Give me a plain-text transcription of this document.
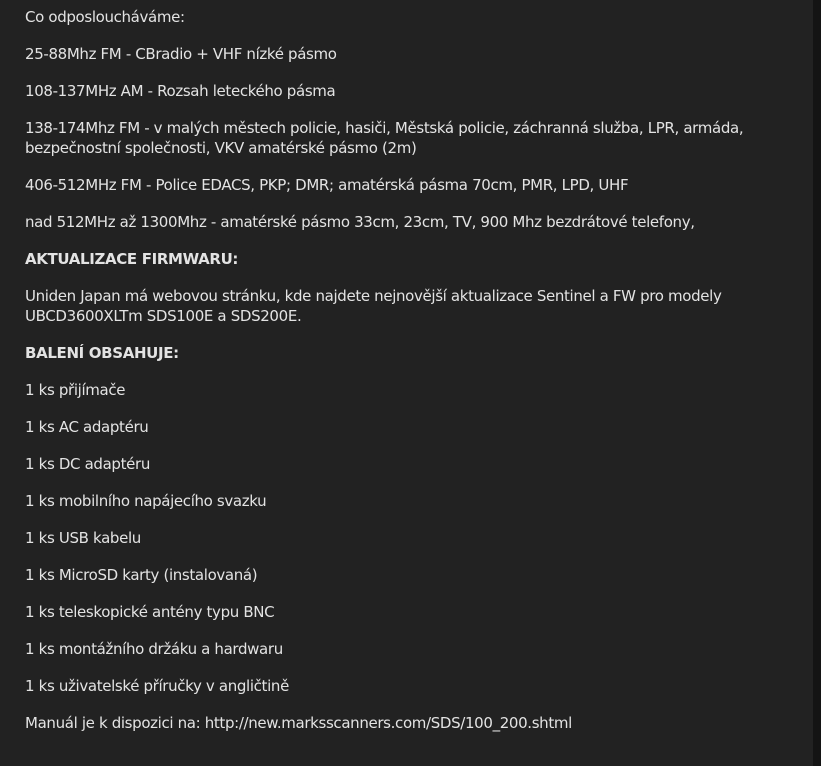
Co odposloucháváme:

25-88Mhz FM - CBradio + VHF nízké pásmo

108-137MHz AM - Rozsah leteckého pásma

138-174Mhz FM - v malých městech policie, hasiči, Městská policie, záchranná služba, LPR, armáda, bezpečnostní společnosti, VKV amatérské pásmo (2m)

406-512MHz FM - Police EDACS, PKP; DMR; amatérská pásma 70cm, PMR, LPD, UHF

nad 512MHz až 1300Mhz - amatérské pásmo 33cm, 23cm, TV, 900 Mhz bezdrátové telefony,

AKTUALIZACE FIRMWARU:

Uniden Japan má webovou stránku, kde najdete nejnovější aktualizace Sentinel a FW pro modely UBCD3600XLTm SDS100E a SDS200E.

BALENÍ OBSAHUJE:

1 ks přijímače

1 ks AC adaptéru

1 ks DC adaptéru

1 ks mobilního napájecího svazku

1 ks USB kabelu

1 ks MicroSD karty (instalovaná)

1 ks teleskopické antény typu BNC

1 ks montážního držáku a hardwaru

1 ks uživatelské příručky v angličtině

Manuál je k dispozici na: http://new.marksscanners.com/SDS/100_200.shtml
